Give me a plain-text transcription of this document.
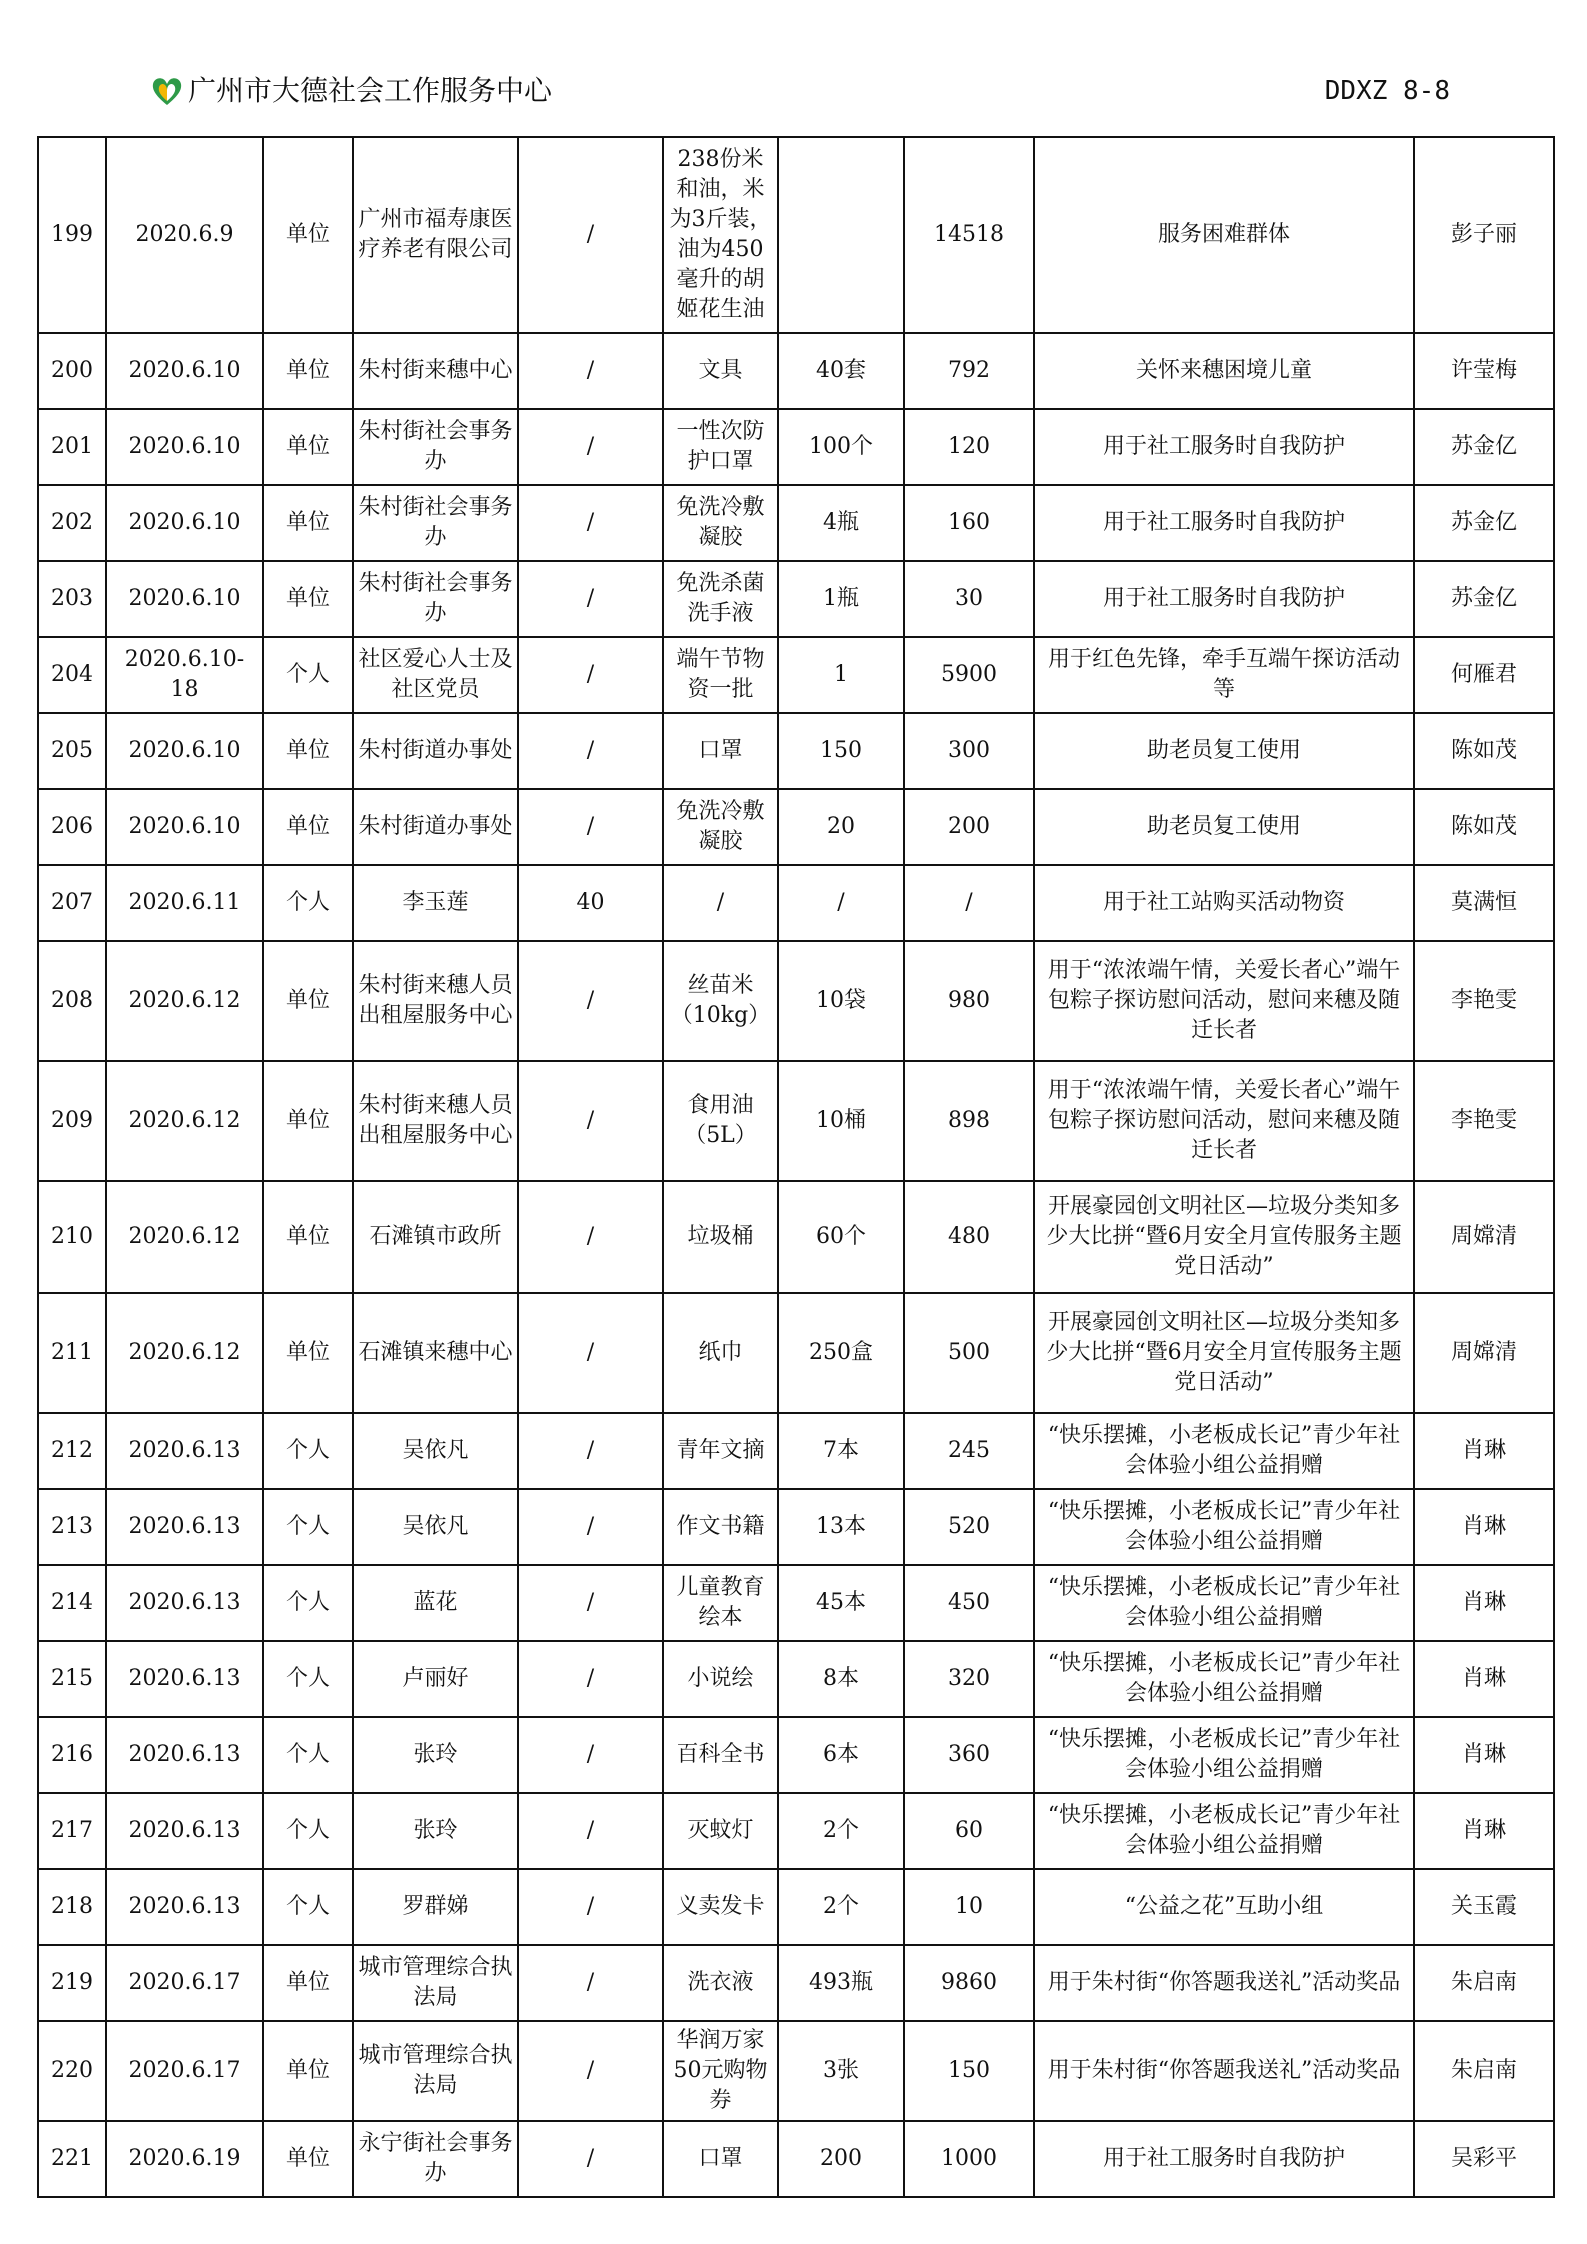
广州市大德社会工作服务中心	DDXZ 8-8
199	2020.6.9	单位	广州市福寿康医疗养老有限公司	/	238份米和油，米为3斤装，油为450毫升的胡姬花生油		14518	服务困难群体	彭子丽
200	2020.6.10	单位	朱村街来穗中心	/	文具	40套	792	关怀来穗困境儿童	许莹梅
201	2020.6.10	单位	朱村街社会事务办	/	一性次防护口罩	100个	120	用于社工服务时自我防护	苏金亿
202	2020.6.10	单位	朱村街社会事务办	/	免洗冷敷凝胶	4瓶	160	用于社工服务时自我防护	苏金亿
203	2020.6.10	单位	朱村街社会事务办	/	免洗杀菌洗手液	1瓶	30	用于社工服务时自我防护	苏金亿
204	2020.6.10-18	个人	社区爱心人士及社区党员	/	端午节物资一批	1	5900	用于红色先锋，牵手互端午探访活动等	何雁君
205	2020.6.10	单位	朱村街道办事处	/	口罩	150	300	助老员复工使用	陈如茂
206	2020.6.10	单位	朱村街道办事处	/	免洗冷敷凝胶	20	200	助老员复工使用	陈如茂
207	2020.6.11	个人	李玉莲	40	/	/	/	用于社工站购买活动物资	莫满恒
208	2020.6.12	单位	朱村街来穗人员出租屋服务中心	/	丝苗米（10kg）	10袋	980	用于“浓浓端午情，关爱长者心”端午包粽子探访慰问活动，慰问来穗及随迁长者	李艳雯
209	2020.6.12	单位	朱村街来穗人员出租屋服务中心	/	食用油（5L）	10桶	898	用于“浓浓端午情，关爱长者心”端午包粽子探访慰问活动，慰问来穗及随迁长者	李艳雯
210	2020.6.12	单位	石滩镇市政所	/	垃圾桶	60个	480	开展豪园创文明社区—垃圾分类知多少大比拼“暨6月安全月宣传服务主题党日活动”	周嫦清
211	2020.6.12	单位	石滩镇来穗中心	/	纸巾	250盒	500	开展豪园创文明社区—垃圾分类知多少大比拼“暨6月安全月宣传服务主题党日活动”	周嫦清
212	2020.6.13	个人	吴依凡	/	青年文摘	7本	245	“快乐摆摊，小老板成长记”青少年社会体验小组公益捐赠	肖琳
213	2020.6.13	个人	吴依凡	/	作文书籍	13本	520	“快乐摆摊，小老板成长记”青少年社会体验小组公益捐赠	肖琳
214	2020.6.13	个人	蓝花	/	儿童教育绘本	45本	450	“快乐摆摊，小老板成长记”青少年社会体验小组公益捐赠	肖琳
215	2020.6.13	个人	卢丽好	/	小说绘	8本	320	“快乐摆摊，小老板成长记”青少年社会体验小组公益捐赠	肖琳
216	2020.6.13	个人	张玲	/	百科全书	6本	360	“快乐摆摊，小老板成长记”青少年社会体验小组公益捐赠	肖琳
217	2020.6.13	个人	张玲	/	灭蚊灯	2个	60	“快乐摆摊，小老板成长记”青少年社会体验小组公益捐赠	肖琳
218	2020.6.13	个人	罗群娣	/	义卖发卡	2个	10	“公益之花”互助小组	关玉霞
219	2020.6.17	单位	城市管理综合执法局	/	洗衣液	493瓶	9860	用于朱村街“你答题我送礼”活动奖品	朱启南
220	2020.6.17	单位	城市管理综合执法局	/	华润万家50元购物券	3张	150	用于朱村街“你答题我送礼”活动奖品	朱启南
221	2020.6.19	单位	永宁街社会事务办	/	口罩	200	1000	用于社工服务时自我防护	吴彩平
